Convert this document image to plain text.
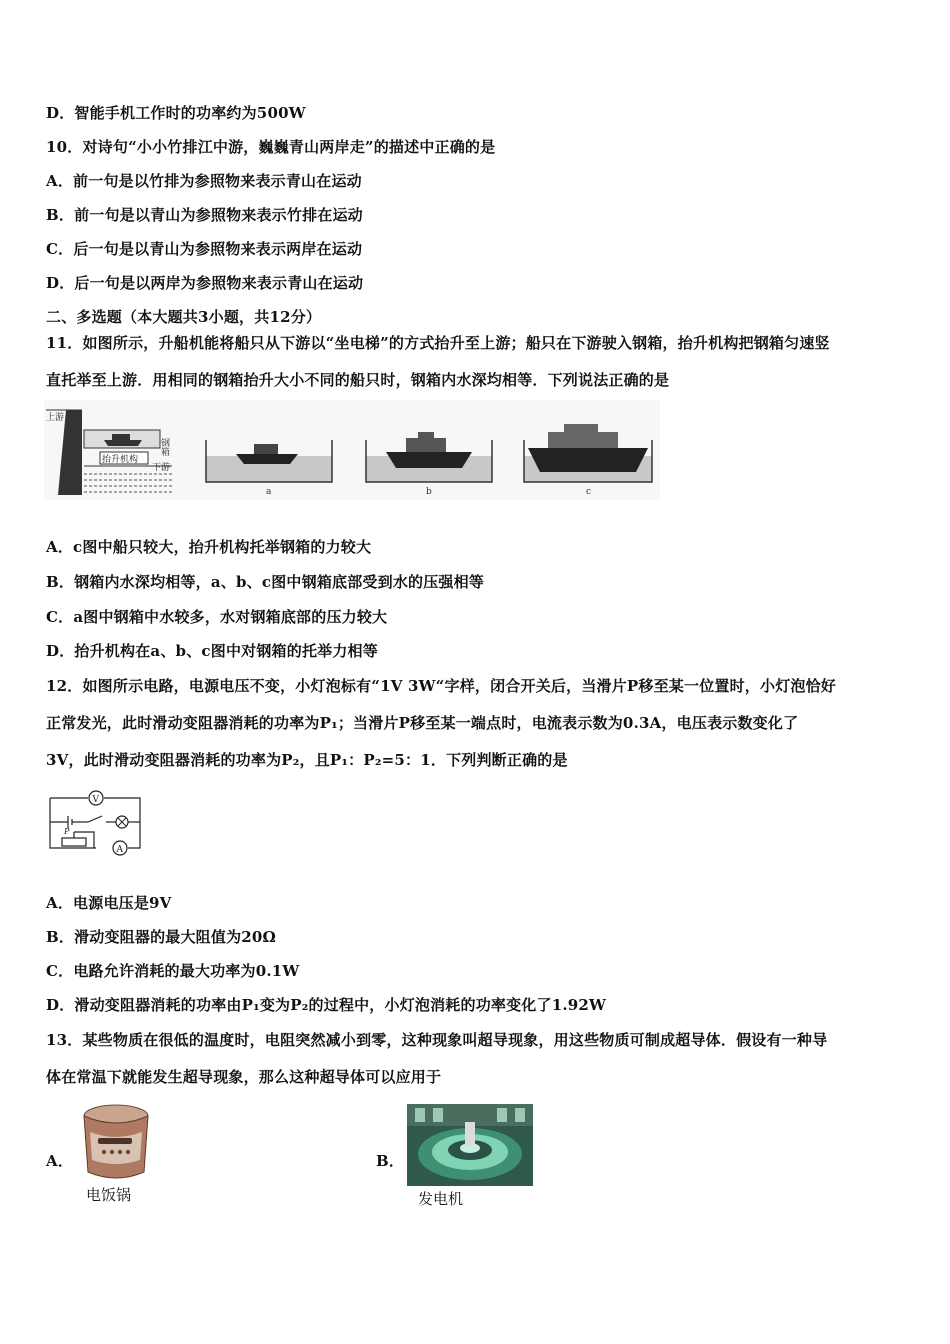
D．智能手机工作时的功率约为500W
10．对诗句“小小竹排江中游，巍巍青山两岸走”的描述中正确的是
A．前一句是以竹排为参照物来表示青山在运动
B．前一句是以青山为参照物来表示竹排在运动
C．后一句是以青山为参照物来表示两岸在运动
D．后一句是以两岸为参照物来表示青山在运动
二、多选题（本大题共3小题，共12分）
11．如图所示，升船机能将船只从下游以“坐电梯”的方式抬升至上游；船只在下游驶入钢箱，抬升机构把钢箱匀速竖
直托举至上游．用相同的钢箱抬升大小不同的船只时，钢箱内水深均相等．下列说法正确的是
上游
下游
抬升机构
钢箱
a	b	c
A．c图中船只较大，抬升机构托举钢箱的力较大
B．钢箱内水深均相等，a、b、c图中钢箱底部受到水的压强相等
C．a图中钢箱中水较多，水对钢箱底部的压力较大
D．抬升机构在a、b、c图中对钢箱的托举力相等
12．如图所示电路，电源电压不变，小灯泡标有“1V 3W“字样，闭合开关后，当滑片P移至某一位置时，小灯泡恰好
正常发光，此时滑动变阻器消耗的功率为P₁；当滑片P移至某一端点时，电流表示数为0.3A，电压表示数变化了
3V，此时滑动变阻器消耗的功率为P₂，且P₁：P₂=5：1．下列判断正确的是
V
A
P
A．电源电压是9V
B．滑动变阻器的最大阻值为20Ω
C．电路允许消耗的最大功率为0.1W
D．滑动变阻器消耗的功率由P₁变为P₂的过程中，小灯泡消耗的功率变化了1.92W
13．某些物质在很低的温度时，电阻突然减小到零，这种现象叫超导现象，用这些物质可制成超导体．假设有一种导
体在常温下就能发生超导现象，那么这种超导体可以应用于
A．
电饭锅
B．
发电机
